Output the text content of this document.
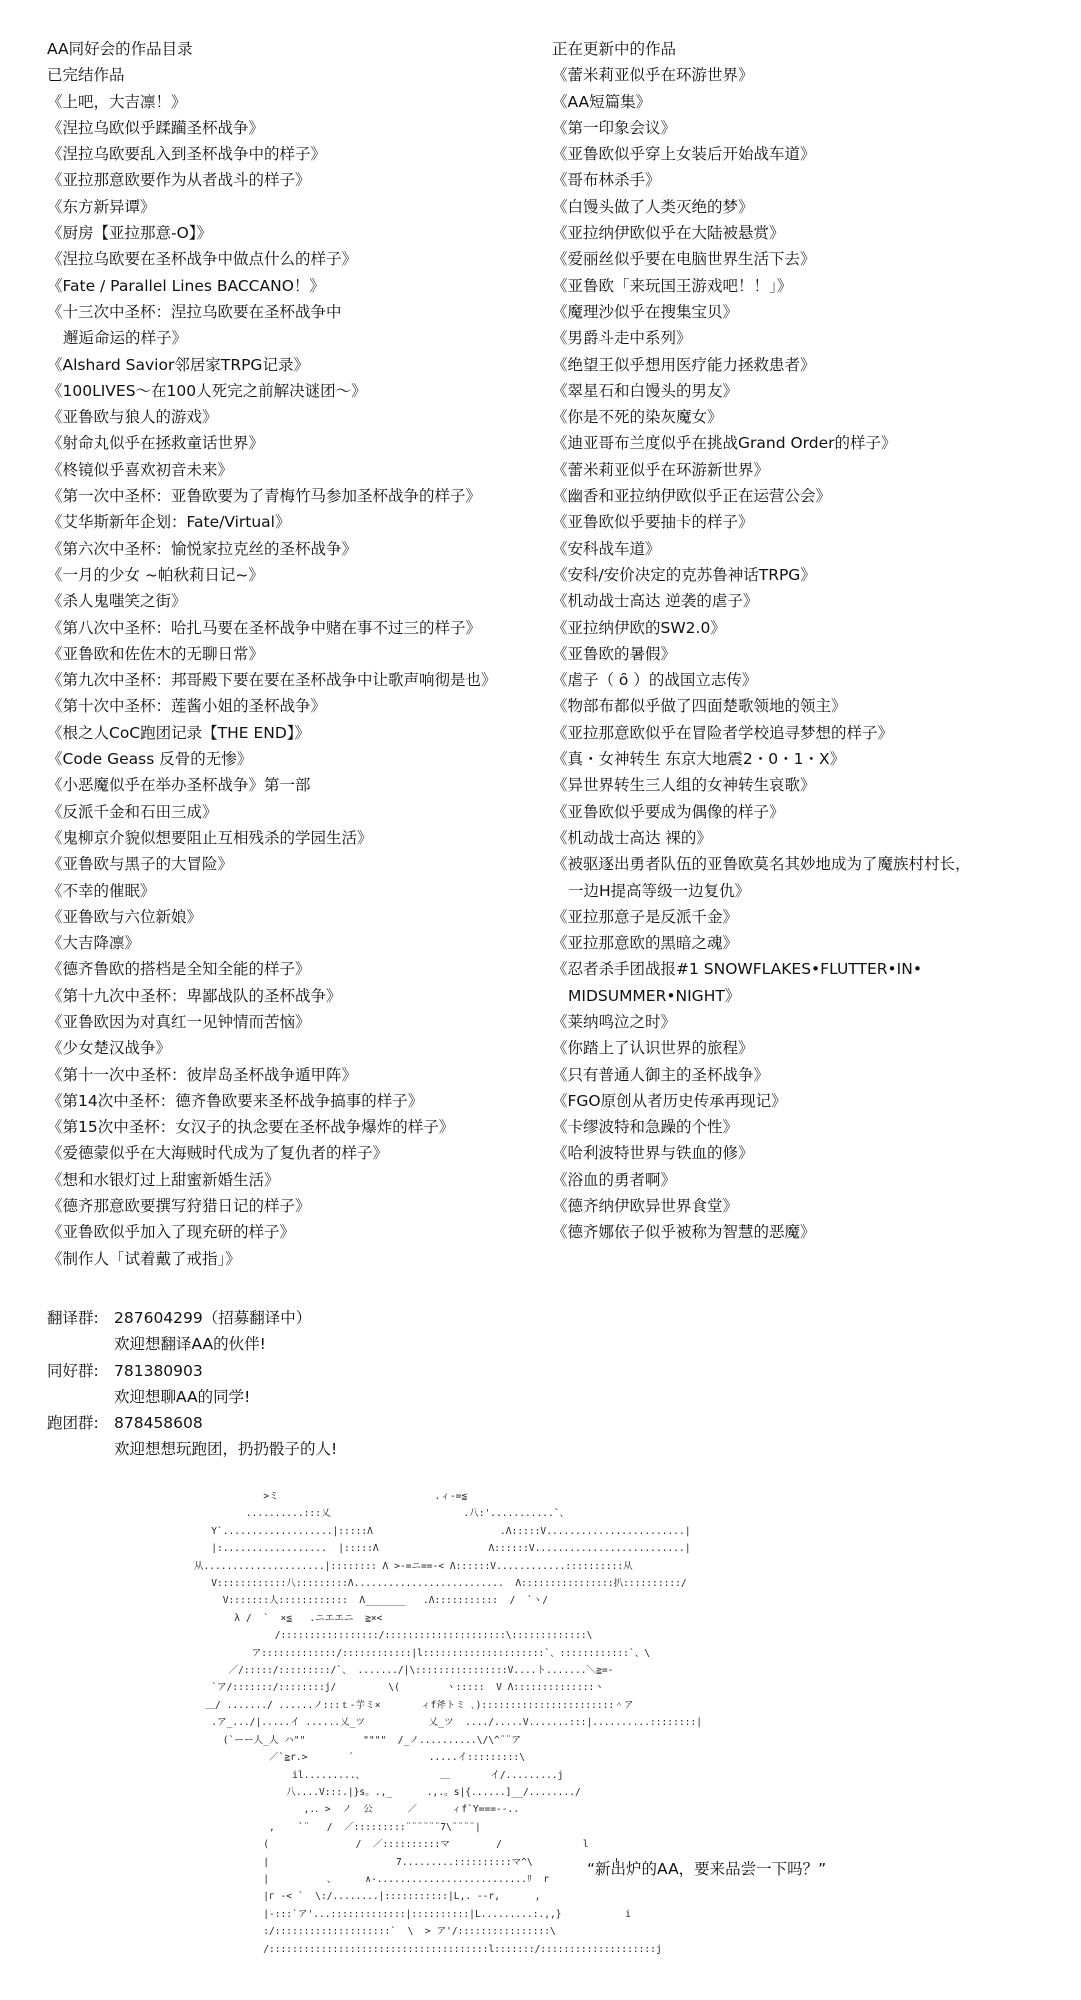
AA同好会的作品目录
已完结作品
《上吧，大吉凛！》
《涅拉乌欧似乎蹂躏圣杯战争》
《涅拉乌欧要乱入到圣杯战争中的样子》
《亚拉那意欧要作为从者战斗的样子》
《东方新异谭》
《厨房【亚拉那意-O】》
《涅拉乌欧要在圣杯战争中做点什么的样子》
《Fate / Parallel Lines BACCANO！》
《十三次中圣杯：涅拉乌欧要在圣杯战争中
邂逅命运的样子》
《Alshard Savior邻居家TRPG记录》
《100LIVES～在100人死完之前解决谜团～》
《亚鲁欧与狼人的游戏》
《射命丸似乎在拯救童话世界》
《柊镜似乎喜欢初音未来》
《第一次中圣杯：亚鲁欧要为了青梅竹马参加圣杯战争的样子》
《艾华斯新年企划：Fate/Virtual》
《第六次中圣杯：愉悦家拉克丝的圣杯战争》
《一月的少女 ~帕秋莉日记~》
《杀人鬼嗤笑之街》
《第八次中圣杯：哈扎马要在圣杯战争中赌在事不过三的样子》
《亚鲁欧和佐佐木的无聊日常》
《第九次中圣杯：邦哥殿下要在要在圣杯战争中让歌声响彻是也》
《第十次中圣杯：莲酱小姐的圣杯战争》
《根之人CoC跑团记录【THE END】》
《Code Geass 反骨的无惨》
《小恶魔似乎在举办圣杯战争》第一部
《反派千金和石田三成》
《鬼柳京介貌似想要阻止互相残杀的学园生活》
《亚鲁欧与黑子的大冒险》
《不幸的催眠》
《亚鲁欧与六位新娘》
《大吉降凛》
《德齐鲁欧的搭档是全知全能的样子》
《第十九次中圣杯：卑鄙战队的圣杯战争》
《亚鲁欧因为对真红一见钟情而苦恼》
《少女楚汉战争》
《第十一次中圣杯：彼岸岛圣杯战争遁甲阵》
《第14次中圣杯：德齐鲁欧要来圣杯战争搞事的样子》
《第15次中圣杯：女汉子的执念要在圣杯战争爆炸的样子》
《爱德蒙似乎在大海贼时代成为了复仇者的样子》
《想和水银灯过上甜蜜新婚生活》
《德齐那意欧要撰写狩猎日记的样子》
《亚鲁欧似乎加入了现充研的样子》
《制作人「试着戴了戒指」》
正在更新中的作品
《蕾米莉亚似乎在环游世界》
《AA短篇集》
《第一印象会议》
《亚鲁欧似乎穿上女装后开始战车道》
《哥布林杀手》
《白馒头做了人类灭绝的梦》
《亚拉纳伊欧似乎在大陆被悬赏》
《爱丽丝似乎要在电脑世界生活下去》
《亚鲁欧「来玩国王游戏吧！！」》
《魔理沙似乎在搜集宝贝》
《男爵斗走中系列》
《绝望王似乎想用医疗能力拯救患者》
《翠星石和白馒头的男友》
《你是不死的染灰魔女》
《迪亚哥布兰度似乎在挑战Grand Order的样子》
《蕾米莉亚似乎在环游新世界》
《幽香和亚拉纳伊欧似乎正在运营公会》
《亚鲁欧似乎要抽卡的样子》
《安科战车道》
《安科/安价决定的克苏鲁神话TRPG》
《机动战士高达 逆袭的虐子》
《亚拉纳伊欧的SW2.0》
《亚鲁欧的暑假》
《虐子（ ȏ ）的战国立志传》
《物部布都似乎做了四面楚歌领地的领主》
《亚拉那意欧似乎在冒险者学校追寻梦想的样子》
《真・女神转生 东京大地震2・0・1・X》
《异世界转生三人组的女神转生哀歌》
《亚鲁欧似乎要成为偶像的样子》
《机动战士高达 裸的》
《被驱逐出勇者队伍的亚鲁欧莫名其妙地成为了魔族村村长，
一边H提高等级一边复仇》
《亚拉那意子是反派千金》
《亚拉那意欧的黑暗之魂》
《忍者杀手团战报#1 SNOWFLAKES•FLUTTER•IN•
MIDSUMMER•NIGHT》
《莱纳鸣泣之时》
《你踏上了认识世界的旅程》
《只有普通人御主的圣杯战争》
《FGO原创从者历史传承再现记》
《卡缪波特和急躁的个性》
《哈利波特世界与铁血的修》
《浴血的勇者啊》
《德齐纳伊欧异世界食堂》
《德齐娜依子似乎被称为智慧的恶魔》
翻译群: 287604299（招募翻译中）
欢迎想翻译AA的伙伴!
同好群: 781380903
欢迎想聊AA的同学!
跑团群: 878458608
欢迎想想玩跑团，扔扔骰子的人!
>ミ                           .ィ-=≦
..........:::乂                       .八:'...........`、
Y`...................|:::::Λ                      .Λ:::::V........................|
|:..................  |:::::Λ                   Λ::::::V..........................|
从.....................|:::::::: Λ >-=ニ==-< Λ::::::V............::::::::::从
V::::::::::::八:::::::::Λ..........................  Λ::::::::::::::::扒::::::::::/
V:::::::人::::::::::::  Λ_______   .Λ:::::::::::  /  `ヽ/
λ /  `  ×≦   .ニエエニ  ≧×<
/:::::::::::::::::/:::::::::::::::::::::\:::::::::::::\
ア:::::::::::::/::::::::::::|l:::::::::::::::::::::`、::::::::::::`、\
／/:::::/:::::::::/`、 ......./|\::::::::::::::::V....ト.......＼≧=-
`ア/:::::::/::::::::j/         \(        ヽ:::::  V Λ::::::::::::::ヽ
＿/ ......./ ......ノ:::ｔ-芋ミ×       ィf斧トミ ､):::::::::::::::::::::::＾ア
.ア_.../|.....イ ......乂_ツ           乂_ツ  ..../.....V.......:::|..........::::::::|
(`ーー人_人 ハ""          """"  /_ノ..........\/\^¨¨ア
／`≧r.>       ´             .....イ:::::::::\
il.........、             ＿       イ/.........j
八....V:::.|}s。.,_      .,.。s|{......]__/......../
,.．>  ノ  公      ／      ィf`Y===--..
,    `¨   /  ／:::::::::¨¨¨¨¨¨7\¨¨¨¨|
(               /  ／::::::::::マ        /              l
|                      7.........::::::::::マ^\              !
|          、     ∧-..........................ﾘ  r
|г -< `  \:/........|:::::::::::|L,. --r,      ,
|-:::`ア'...:::::::::::::|::::::::::|L.........:.,,}           i
:/::::::::::::::::::::`  \  > ア'/::::::::::::::::\
/::::::::::::::::::::::::::::::::::::::l:::::::/::::::::::::::::::::j
“新出炉的AA，要来品尝一下吗？”
